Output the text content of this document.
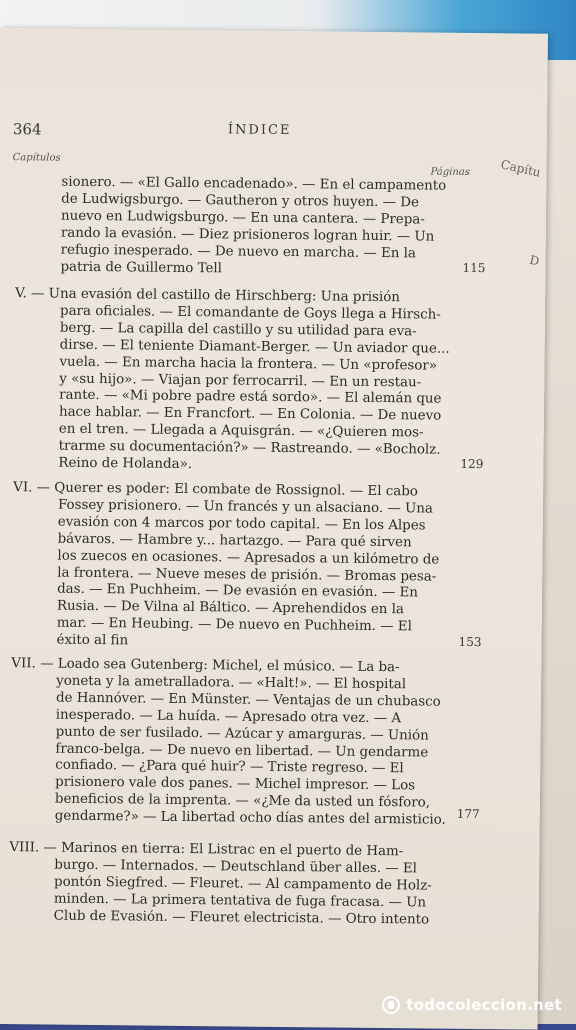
Capítu
D
364	ÍNDICE
Capítulos
Páginas
sionero. — «El Gallo encadenado». — En el campamento
de Ludwigsburgo. — Gautheron y otros huyen. — De
nuevo en Ludwigsburgo. — En una cantera. — Prepa-
rando la evasión. — Diez prisioneros logran huir. — Un
refugio inesperado. — De nuevo en marcha. — En la
patria de Guillermo Tell	115
V. — Una evasión del castillo de Hirschberg: Una prisión
para oficiales. — El comandante de Goys llega a Hirsch-
berg. — La capilla del castillo y su utilidad para eva-
dirse. — El teniente Diamant-Berger. — Un aviador que...
vuela. — En marcha hacia la frontera. — Un «profesor»
y «su hijo». — Viajan por ferrocarril. — En un restau-
rante. — «Mi pobre padre está sordo». — El alemán que
hace hablar. — En Francfort. — En Colonia. — De nuevo
en el tren. — Llegada a Aquisgrán. — «¿Quieren mos-
trarme su documentación?» — Rastreando. — «Bocholz.
Reino de Holanda».	129
VI. — Querer es poder: El combate de Rossignol. — El cabo
Fossey prisionero. — Un francés y un alsaciano. — Una
evasión con 4 marcos por todo capital. — En los Alpes
bávaros. — Hambre y... hartazgo. — Para qué sirven
los zuecos en ocasiones. — Apresados a un kilómetro de
la frontera. — Nueve meses de prisión. — Bromas pesa-
das. — En Puchheim. — De evasión en evasión. — En
Rusia. — De Vilna al Báltico. — Aprehendidos en la
mar. — En Heubing. — De nuevo en Puchheim. — El
éxito al fin	153
VII. — Loado sea Gutenberg: Michel, el músico. — La ba-
yoneta y la ametralladora. — «Halt!». — El hospital
de Hannóver. — En Münster. — Ventajas de un chubasco
inesperado. — La huída. — Apresado otra vez. — A
punto de ser fusilado. — Azúcar y amarguras. — Unión
franco-belga. — De nuevo en libertad. — Un gendarme
confiado. — ¿Para qué huir? — Triste regreso. — El
prisionero vale dos panes. — Michel impresor. — Los
beneficios de la imprenta. — «¿Me da usted un fósforo,
gendarme?» — La libertad ocho días antes del armisticio. 177
VIII. — Marinos en tierra: El Listrac en el puerto de Ham-
burgo. — Internados. — Deutschland über alles. — El
pontón Siegfred. — Fleuret. — Al campamento de Holz-
minden. — La primera tentativa de fuga fracasa. — Un
Club de Evasión. — Fleuret electricista. — Otro intento
todocoleccion.net
